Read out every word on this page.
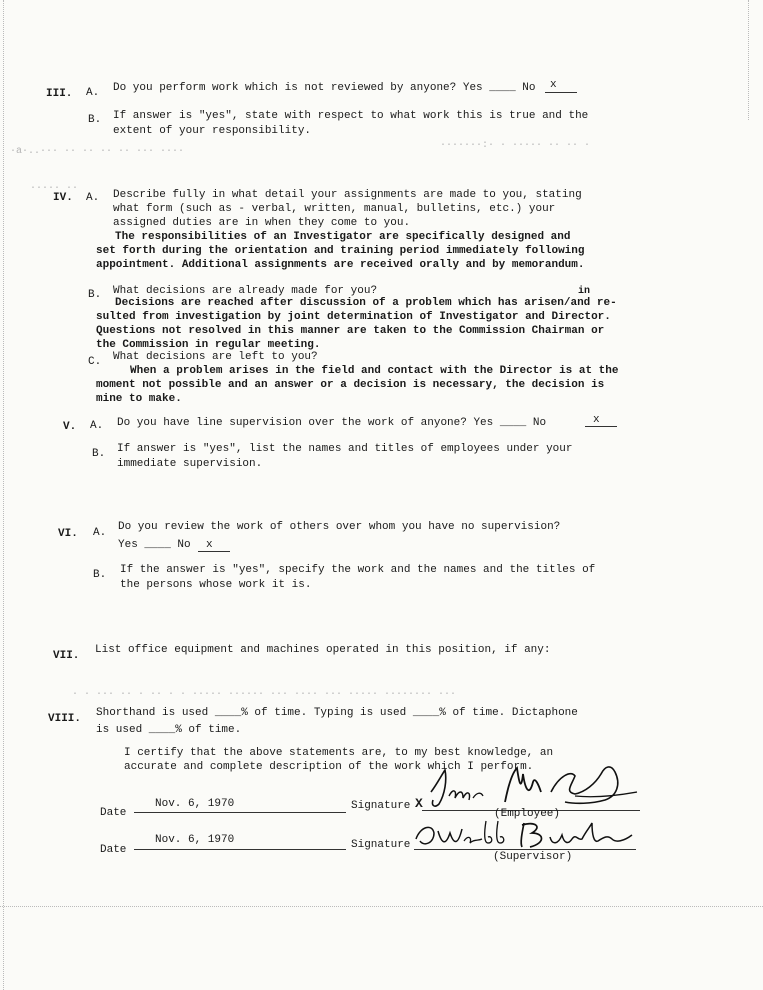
·a·..··· ·· ·· ·· ·· ··· ····
·······:· · ····· ·· ·· ·
····· ··
· · ··· ·· · ·· · · ····· ······ ··· ···· ··· ····· ········ ···
III. A. Do you perform work which is not reviewed by anyone? Yes ____ No x
B. If answer is "yes", state with respect to what work this is true and the
extent of your responsibility.
IV. A. Describe fully in what detail your assignments are made to you, stating
what form (such as - verbal, written, manual, bulletins, etc.) your
assigned duties are in when they come to you.
The responsibilities of an Investigator are specifically designed and
set forth during the orientation and training period immediately following
appointment. Additional assignments are received orally and by memorandum.
B. What decisions are already made for you?	in
Decisions are reached after discussion of a problem which has arisen/and re-
sulted from investigation by joint determination of Investigator and Director.
Questions not resolved in this manner are taken to the Commission Chairman or
the Commission in regular meeting.
C. What decisions are left to you?
When a problem arises in the field and contact with the Director is at the
moment not possible and an answer or a decision is necessary, the decision is
mine to make.
V. A. Do you have line supervision over the work of anyone? Yes ____ No	x
B. If answer is "yes", list the names and titles of employees under your
immediate supervision.
VI. A. Do you review the work of others over whom you have no supervision?
Yes ____ No x
B. If the answer is "yes", specify the work and the names and the titles of
the persons whose work it is.
VII. List office equipment and machines operated in this position, if any:
VIII. Shorthand is used ____% of time. Typing is used ____% of time. Dictaphone
is used ____% of time.
I certify that the above statements are, to my best knowledge, an
accurate and complete description of the work which I perform.
Date
Nov. 6, 1970	Signature X
(Employee)
Date
Nov. 6, 1970	Signature
(Supervisor)
